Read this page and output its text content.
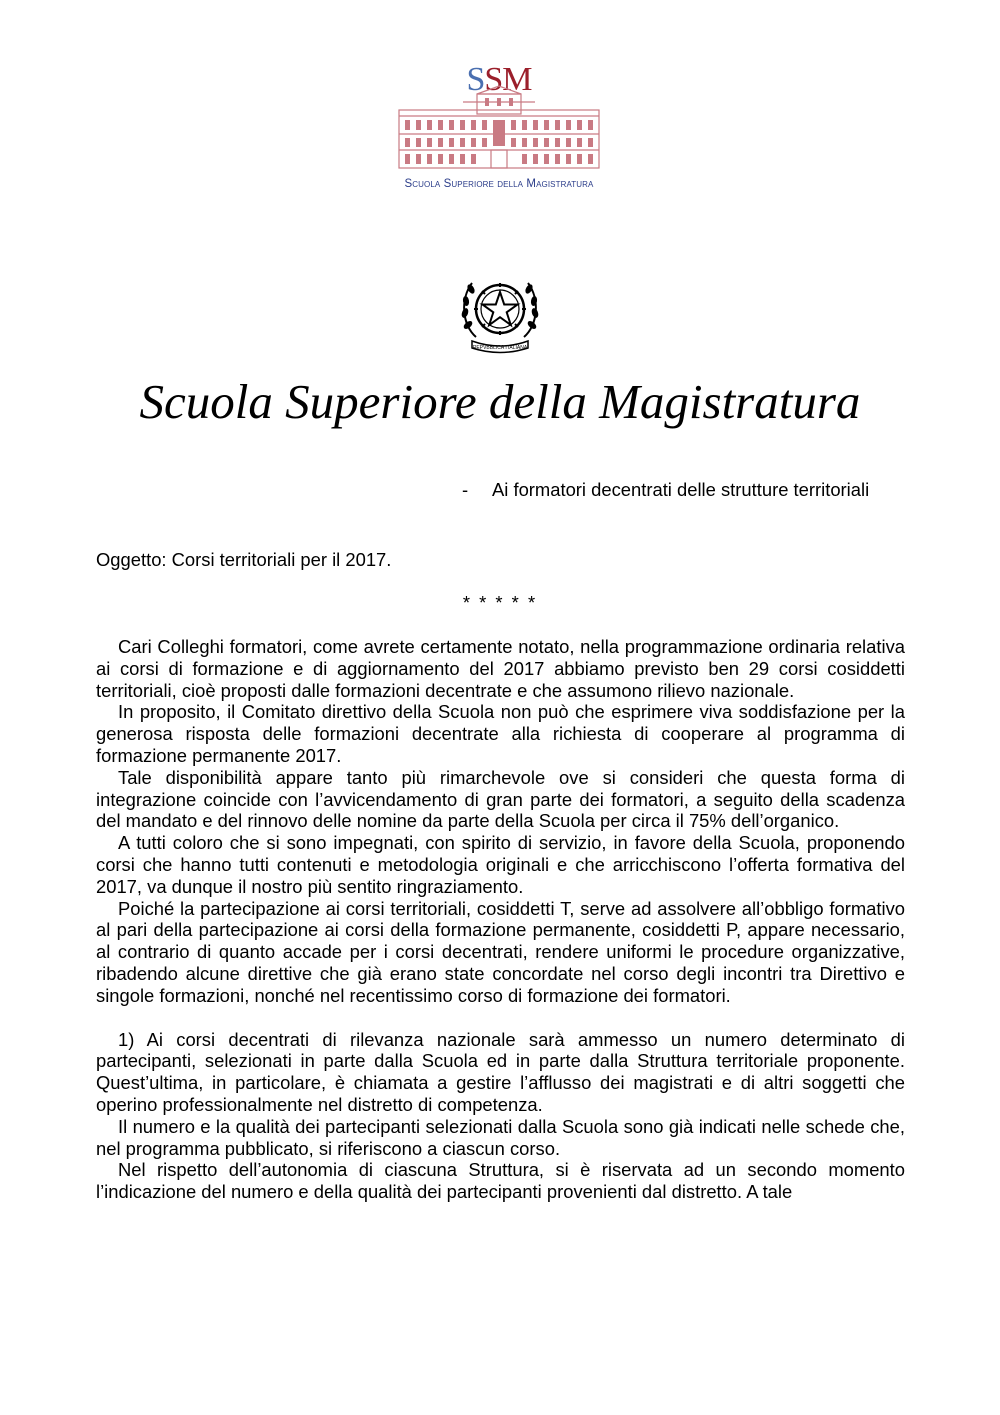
SSM
Scuola Superiore della Magistratura
REPVBBLICA ITALIANA
Scuola Superiore della Magistratura
- Ai formatori decentrati delle strutture territoriali
Oggetto: Corsi territoriali per il 2017.
* * * * *

Cari Colleghi formatori, come avrete certamente notato, nella programmazione ordinaria relativa ai corsi di formazione e di aggiornamento del 2017 abbiamo previsto ben 29 corsi cosiddetti territoriali, cioè proposti dalle formazioni decentrate e che assumono rilievo nazionale.

In proposito, il Comitato direttivo della Scuola non può che esprimere viva soddisfazione per la generosa risposta delle formazioni decentrate alla richiesta di cooperare al programma di formazione permanente 2017.

Tale disponibilità appare tanto più rimarchevole ove si consideri che questa forma di integrazione coincide con l’avvicendamento di gran parte dei formatori, a seguito della scadenza del mandato e del rinnovo delle nomine da parte della Scuola per circa il 75% dell’organico.

A tutti coloro che si sono impegnati, con spirito di servizio, in favore della Scuola, proponendo corsi che hanno tutti contenuti e metodologia originali e che arricchiscono l’offerta formativa del 2017, va dunque il nostro più sentito ringraziamento.

Poiché la partecipazione ai corsi territoriali, cosiddetti T, serve ad assolvere all’obbligo formativo al pari della partecipazione ai corsi della formazione permanente, cosiddetti P, appare necessario, al contrario di quanto accade per i corsi decentrati, rendere uniformi le procedure organizzative, ribadendo alcune direttive che già erano state concordate nel corso degli incontri tra Direttivo e singole formazioni, nonché nel recentissimo corso di formazione dei formatori.

1) Ai corsi decentrati di rilevanza nazionale sarà ammesso un numero determinato di partecipanti, selezionati in parte dalla Scuola ed in parte dalla Struttura territoriale proponente. Quest’ultima, in particolare, è chiamata a gestire l’afflusso dei magistrati e di altri soggetti che operino professionalmente nel distretto di competenza.

Il numero e la qualità dei partecipanti selezionati dalla Scuola sono già indicati nelle schede che, nel programma pubblicato, si riferiscono a ciascun corso.

Nel rispetto dell’autonomia di ciascuna Struttura, si è riservata ad un secondo momento l’indicazione del numero e della qualità dei partecipanti provenienti dal distretto. A tale
